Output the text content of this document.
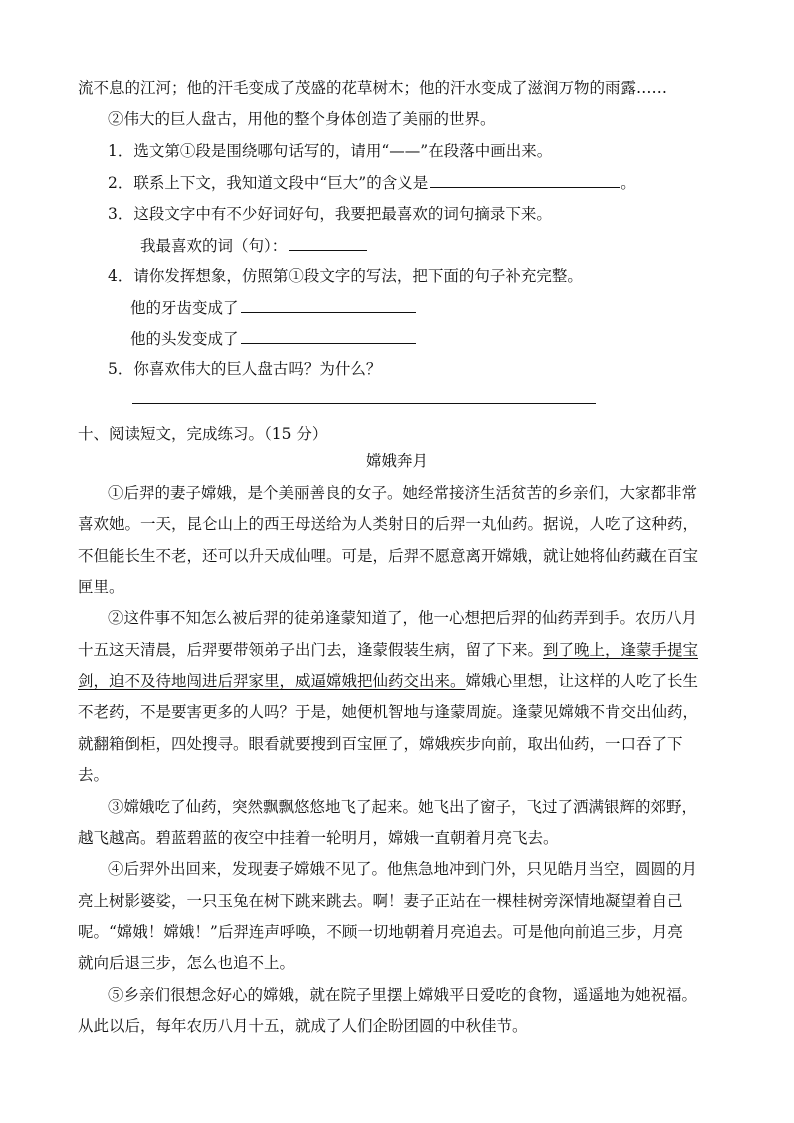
流不息的江河；他的汗毛变成了茂盛的花草树木；他的汗水变成了滋润万物的雨露……
②伟大的巨人盘古，用他的整个身体创造了美丽的世界。
1．选文第①段是围绕哪句话写的，请用“——”在段落中画出来。
2．联系上下文，我知道文段中“巨大”的含义是	。
3．这段文字中有不少好词好句，我要把最喜欢的词句摘录下来。
我最喜欢的词（句）：
4．请你发挥想象，仿照第①段文字的写法，把下面的句子补充完整。
他的牙齿变成了
他的头发变成了
5．你喜欢伟大的巨人盘古吗？为什么？
十、阅读短文，完成练习。（15 分）
嫦娥奔月
①后羿的妻子嫦娥，是个美丽善良的女子。她经常接济生活贫苦的乡亲们，大家都非常
喜欢她。一天，昆仑山上的西王母送给为人类射日的后羿一丸仙药。据说，人吃了这种药，
不但能长生不老，还可以升天成仙哩。可是，后羿不愿意离开嫦娥，就让她将仙药藏在百宝
匣里。
②这件事不知怎么被后羿的徒弟逢蒙知道了，他一心想把后羿的仙药弄到手。农历八月
十五这天清晨，后羿要带领弟子出门去，逢蒙假装生病，留了下来。到了晚上，逢蒙手提宝
剑，迫不及待地闯进后羿家里，威逼嫦娥把仙药交出来。嫦娥心里想，让这样的人吃了长生
不老药，不是要害更多的人吗？于是，她便机智地与逢蒙周旋。逢蒙见嫦娥不肯交出仙药，
就翻箱倒柜，四处搜寻。眼看就要搜到百宝匣了，嫦娥疾步向前，取出仙药，一口吞了下
去。
③嫦娥吃了仙药，突然飘飘悠悠地飞了起来。她飞出了窗子，飞过了洒满银辉的郊野，
越飞越高。碧蓝碧蓝的夜空中挂着一轮明月，嫦娥一直朝着月亮飞去。
④后羿外出回来，发现妻子嫦娥不见了。他焦急地冲到门外，只见皓月当空，圆圆的月
亮上树影婆娑，一只玉兔在树下跳来跳去。啊！妻子正站在一棵桂树旁深情地凝望着自己
呢。“嫦娥！嫦娥！”后羿连声呼唤，不顾一切地朝着月亮追去。可是他向前追三步，月亮
就向后退三步，怎么也追不上。
⑤乡亲们很想念好心的嫦娥，就在院子里摆上嫦娥平日爱吃的食物，遥遥地为她祝福。
从此以后，每年农历八月十五，就成了人们企盼团圆的中秋佳节。
